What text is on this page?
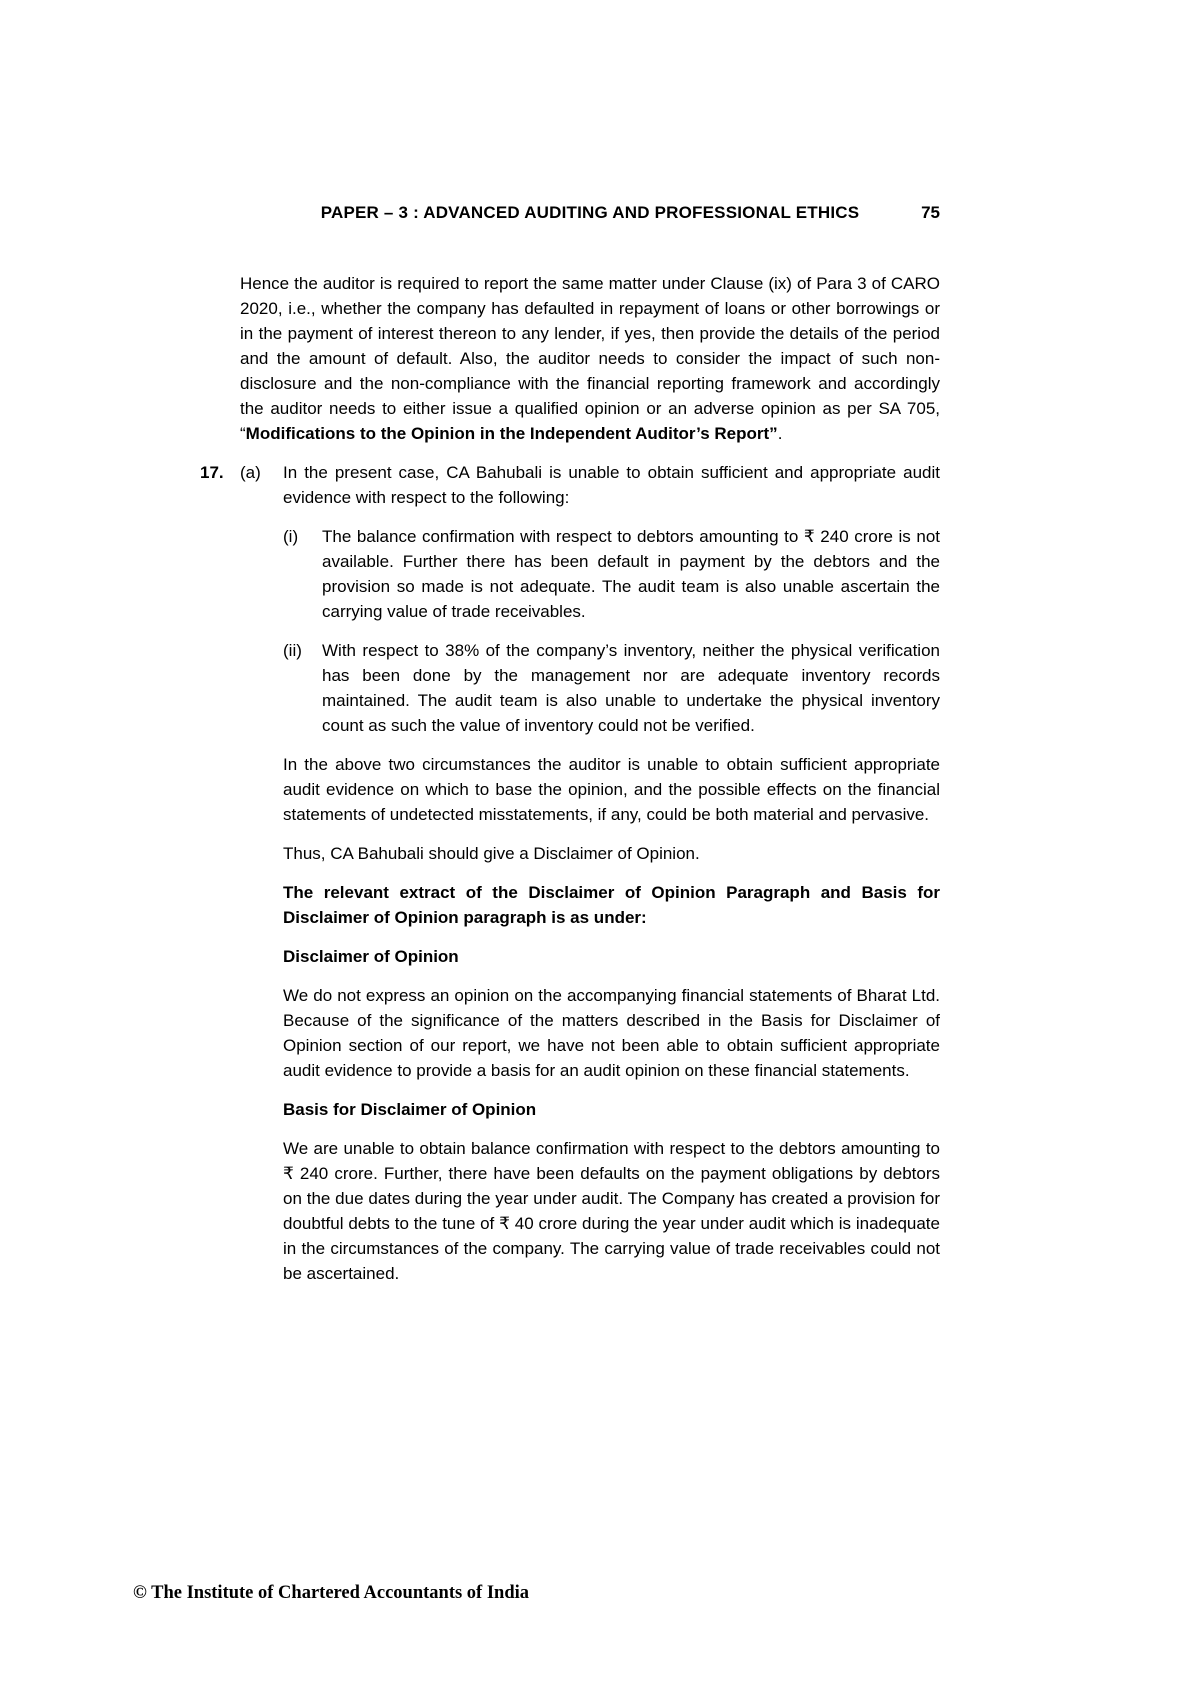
PAPER – 3 : ADVANCED AUDITING AND PROFESSIONAL ETHICS	75

Hence the auditor is required to report the same matter under Clause (ix) of Para 3 of CARO 2020, i.e., whether the company has defaulted in repayment of loans or other borrowings or in the payment of interest thereon to any lender, if yes, then provide the details of the period and the amount of default. Also, the auditor needs to consider the impact of such non-disclosure and the non-compliance with the financial reporting framework and accordingly the auditor needs to either issue a qualified opinion or an adverse opinion as per SA 705, “Modifications to the Opinion in the Independent Auditor’s Report”.

17. (a)	In the present case, CA Bahubali is unable to obtain sufficient and appropriate audit evidence with respect to the following:

(i)	The balance confirmation with respect to debtors amounting to ₹ 240 crore is not available. Further there has been default in payment by the debtors and the provision so made is not adequate. The audit team is also unable ascertain the carrying value of trade receivables.
(ii)	With respect to 38% of the company’s inventory, neither the physical verification has been done by the management nor are adequate inventory records maintained. The audit team is also unable to undertake the physical inventory count as such the value of inventory could not be verified.

In the above two circumstances the auditor is unable to obtain sufficient appropriate audit evidence on which to base the opinion, and the possible effects on the financial statements of undetected misstatements, if any, could be both material and pervasive.

Thus, CA Bahubali should give a Disclaimer of Opinion.

The relevant extract of the Disclaimer of Opinion Paragraph and Basis for Disclaimer of Opinion paragraph is as under:

Disclaimer of Opinion

We do not express an opinion on the accompanying financial statements of Bharat Ltd. Because of the significance of the matters described in the Basis for Disclaimer of Opinion section of our report, we have not been able to obtain sufficient appropriate audit evidence to provide a basis for an audit opinion on these financial statements.

Basis for Disclaimer of Opinion

We are unable to obtain balance confirmation with respect to the debtors amounting to ₹ 240 crore. Further, there have been defaults on the payment obligations by debtors on the due dates during the year under audit. The Company has created a provision for doubtful debts to the tune of ₹ 40 crore during the year under audit which is inadequate in the circumstances of the company. The carrying value of trade receivables could not be ascertained.

© The Institute of Chartered Accountants of India
